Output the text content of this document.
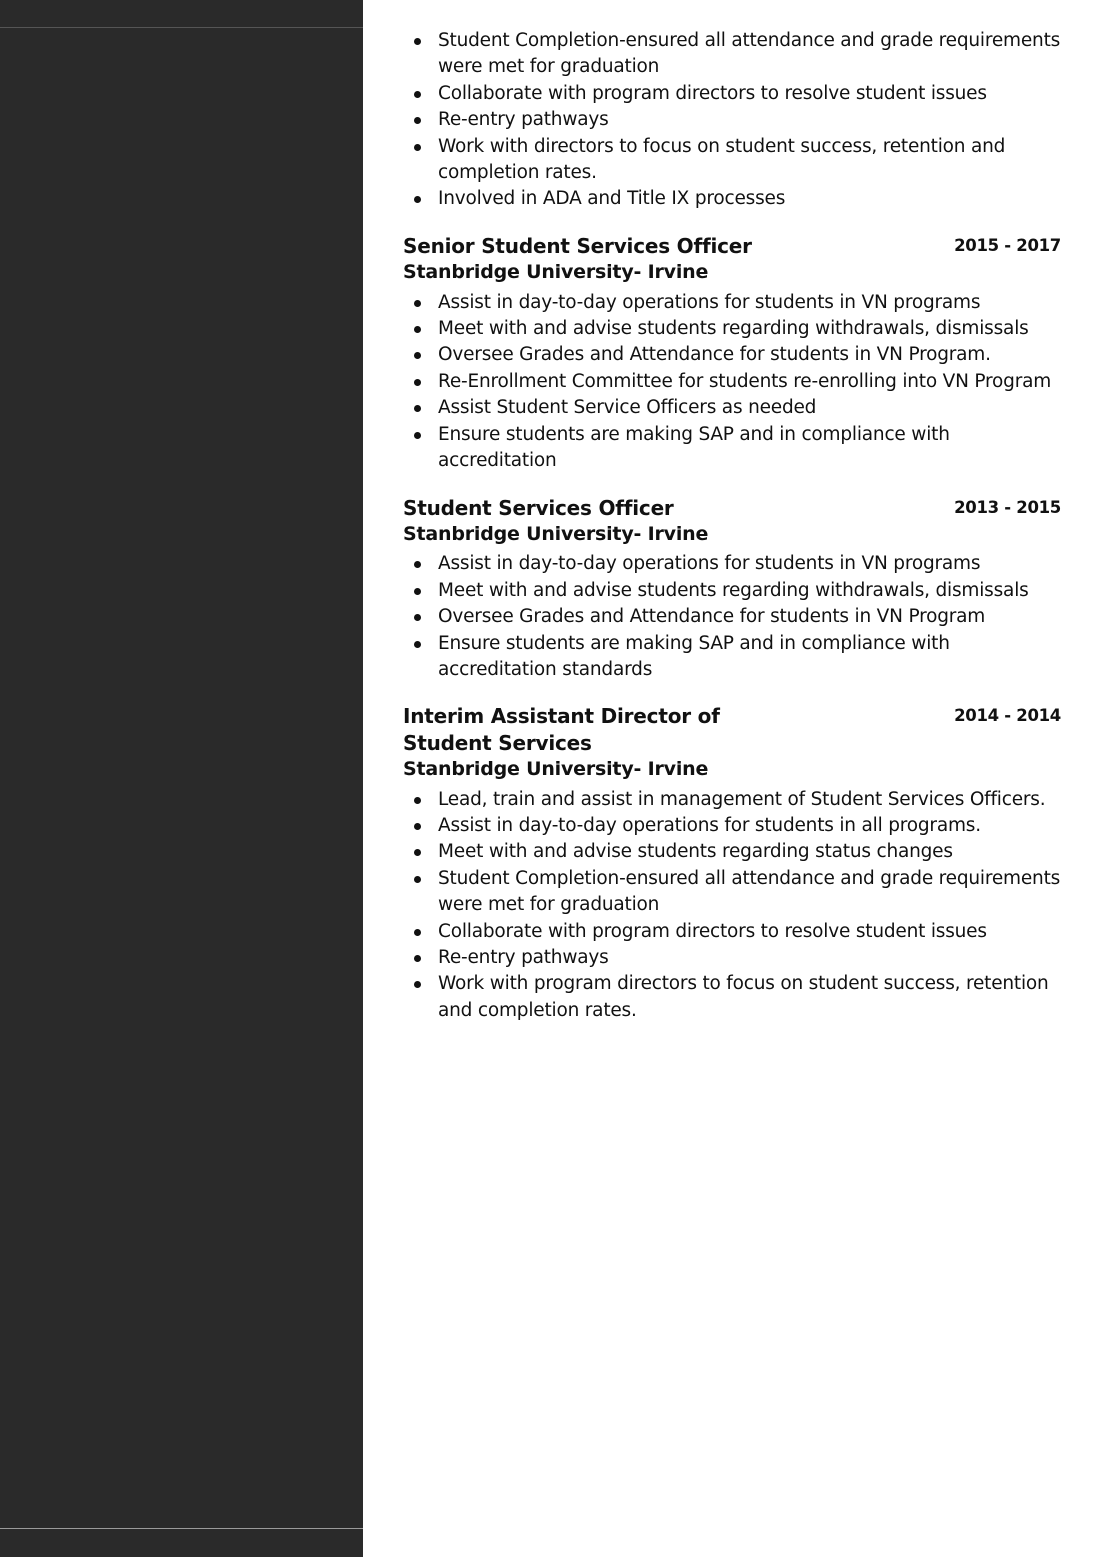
Student Completion-ensured all attendance and grade requirements were met for graduation
Collaborate with program directors to resolve student issues
Re-entry pathways
Work with directors to focus on student success, retention and completion rates.
Involved in ADA and Title IX processes
Senior Student Services Officer	2015 - 2017
Stanbridge University- Irvine
Assist in day-to-day operations for students in VN programs
Meet with and advise students regarding withdrawals, dismissals
Oversee Grades and Attendance for students in VN Program.
Re-Enrollment Committee for students re-enrolling into VN Program
Assist Student Service Officers as needed
Ensure students are making SAP and in compliance with accreditation
Student Services Officer	2013 - 2015
Stanbridge University- Irvine
Assist in day-to-day operations for students in VN programs
Meet with and advise students regarding withdrawals, dismissals
Oversee Grades and Attendance for students in VN Program
Ensure students are making SAP and in compliance with accreditation standards
Interim Assistant Director of Student Services
2014 - 2014
Stanbridge University- Irvine
Lead, train and assist in management of Student Services Officers.
Assist in day-to-day operations for students in all programs.
Meet with and advise students regarding status changes
Student Completion-ensured all attendance and grade requirements were met for graduation
Collaborate with program directors to resolve student issues
Re-entry pathways
Work with program directors to focus on student success, retention and completion rates.
